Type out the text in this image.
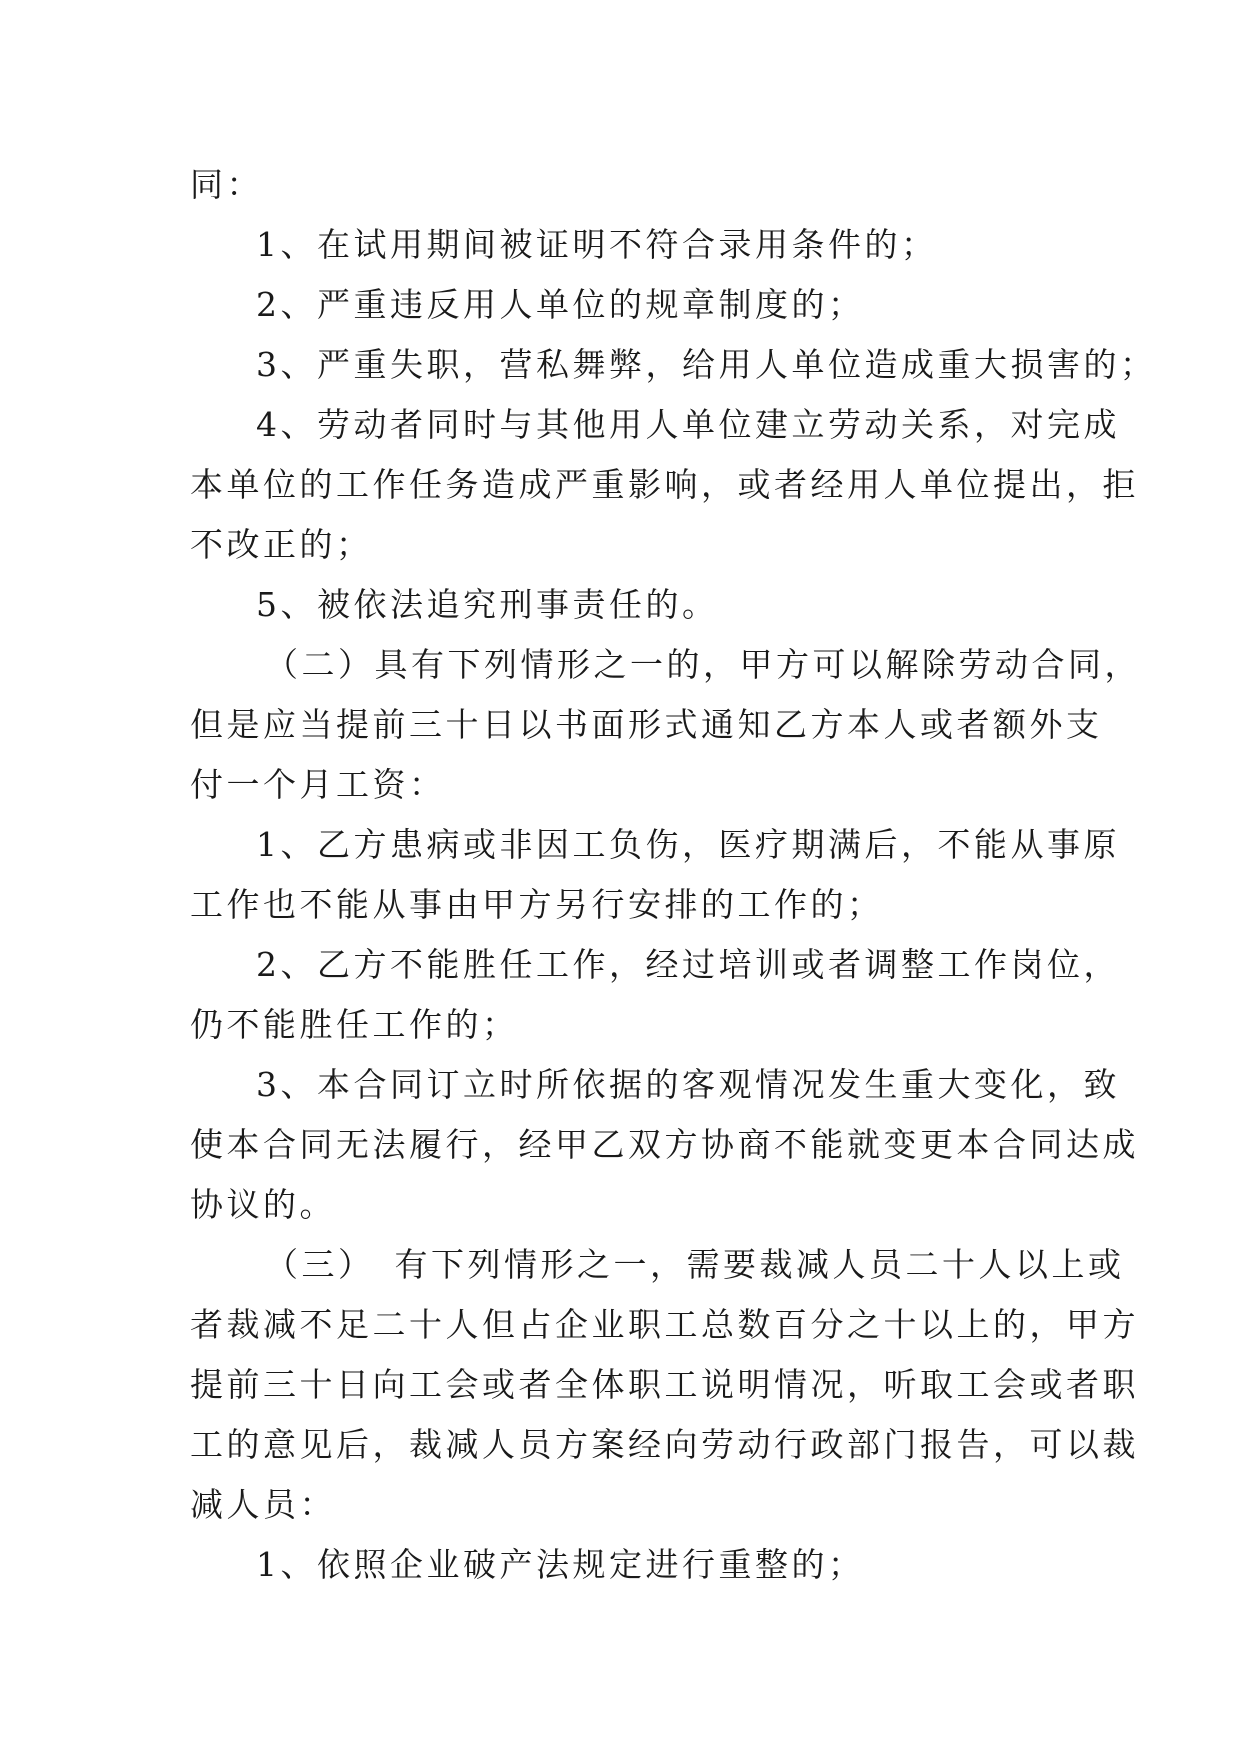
同：
1、在试用期间被证明不符合录用条件的；
2、严重违反用人单位的规章制度的；
3、严重失职，营私舞弊，给用人单位造成重大损害的；
4、劳动者同时与其他用人单位建立劳动关系，对完成
本单位的工作任务造成严重影响，或者经用人单位提出，拒
不改正的；
5、被依法追究刑事责任的。
（二）具有下列情形之一的，甲方可以解除劳动合同，
但是应当提前三十日以书面形式通知乙方本人或者额外支
付一个月工资：
1、乙方患病或非因工负伤，医疗期满后，不能从事原
工作也不能从事由甲方另行安排的工作的；
2、乙方不能胜任工作，经过培训或者调整工作岗位，
仍不能胜任工作的；
3、本合同订立时所依据的客观情况发生重大变化，致
使本合同无法履行，经甲乙双方协商不能就变更本合同达成
协议的。
（三）　有下列情形之一，需要裁减人员二十人以上或
者裁减不足二十人但占企业职工总数百分之十以上的，甲方
提前三十日向工会或者全体职工说明情况，听取工会或者职
工的意见后，裁减人员方案经向劳动行政部门报告，可以裁
减人员：
1、依照企业破产法规定进行重整的；
